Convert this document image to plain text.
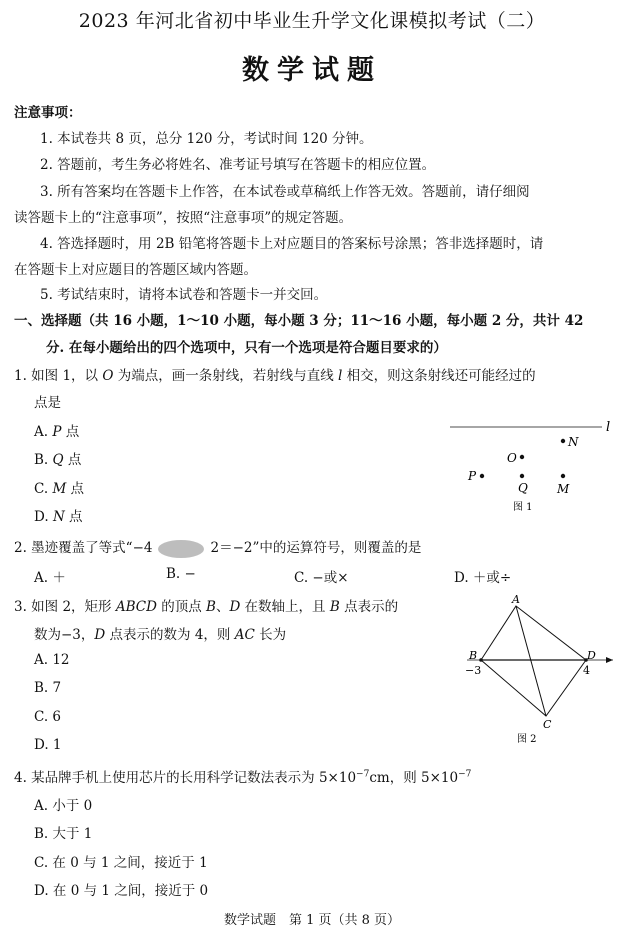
2023 年河北省初中毕业生升学文化课模拟考试（二）
数学试题
注意事项：
1. 本试卷共 8 页，总分 120 分，考试时间 120 分钟。
2. 答题前，考生务必将姓名、准考证号填写在答题卡的相应位置。
3. 所有答案均在答题卡上作答，在本试卷或草稿纸上作答无效。答题前，请仔细阅
读答题卡上的“注意事项”，按照“注意事项”的规定答题。
4. 答选择题时，用 2B 铅笔将答题卡上对应题目的答案标号涂黑；答非选择题时，请
在答题卡上对应题目的答题区域内答题。
5. 考试结束时，请将本试卷和答题卡一并交回。
一、选择题（共 16 小题，1～10 小题，每小题 3 分；11～16 小题，每小题 2 分，共计 42
分. 在每小题给出的四个选项中，只有一个选项是符合题目要求的）
1. 如图 1，以 O 为端点，画一条射线，若射线与直线 l 相交，则这条射线还可能经过的
点是
A. P 点
B. Q 点
C. M 点
D. N 点
l
N
O
P
Q M
图 1
2. 墨迹覆盖了等式“−4	2＝−2”中的运算符号，则覆盖的是
A. ＋	B. −	C. −或×	D. ＋或÷
3. 如图 2，矩形 ABCD 的顶点 B、D 在数轴上，且 B 点表示的
数为−3，D 点表示的数为 4，则 AC 长为
A. 12
B. 7
C. 6
D. 1
A
B
C
D
−3	4
图 2
4. 某品牌手机上使用芯片的长用科学记数法表示为 $5\times 10^{-7}cm$，则 $5\times 10^{-7}$
A. 小于 0
B. 大于 1
C. 在 0 与 1 之间，接近于 1
D. 在 0 与 1 之间，接近于 0
数学试题　第 1 页（共 8 页）
